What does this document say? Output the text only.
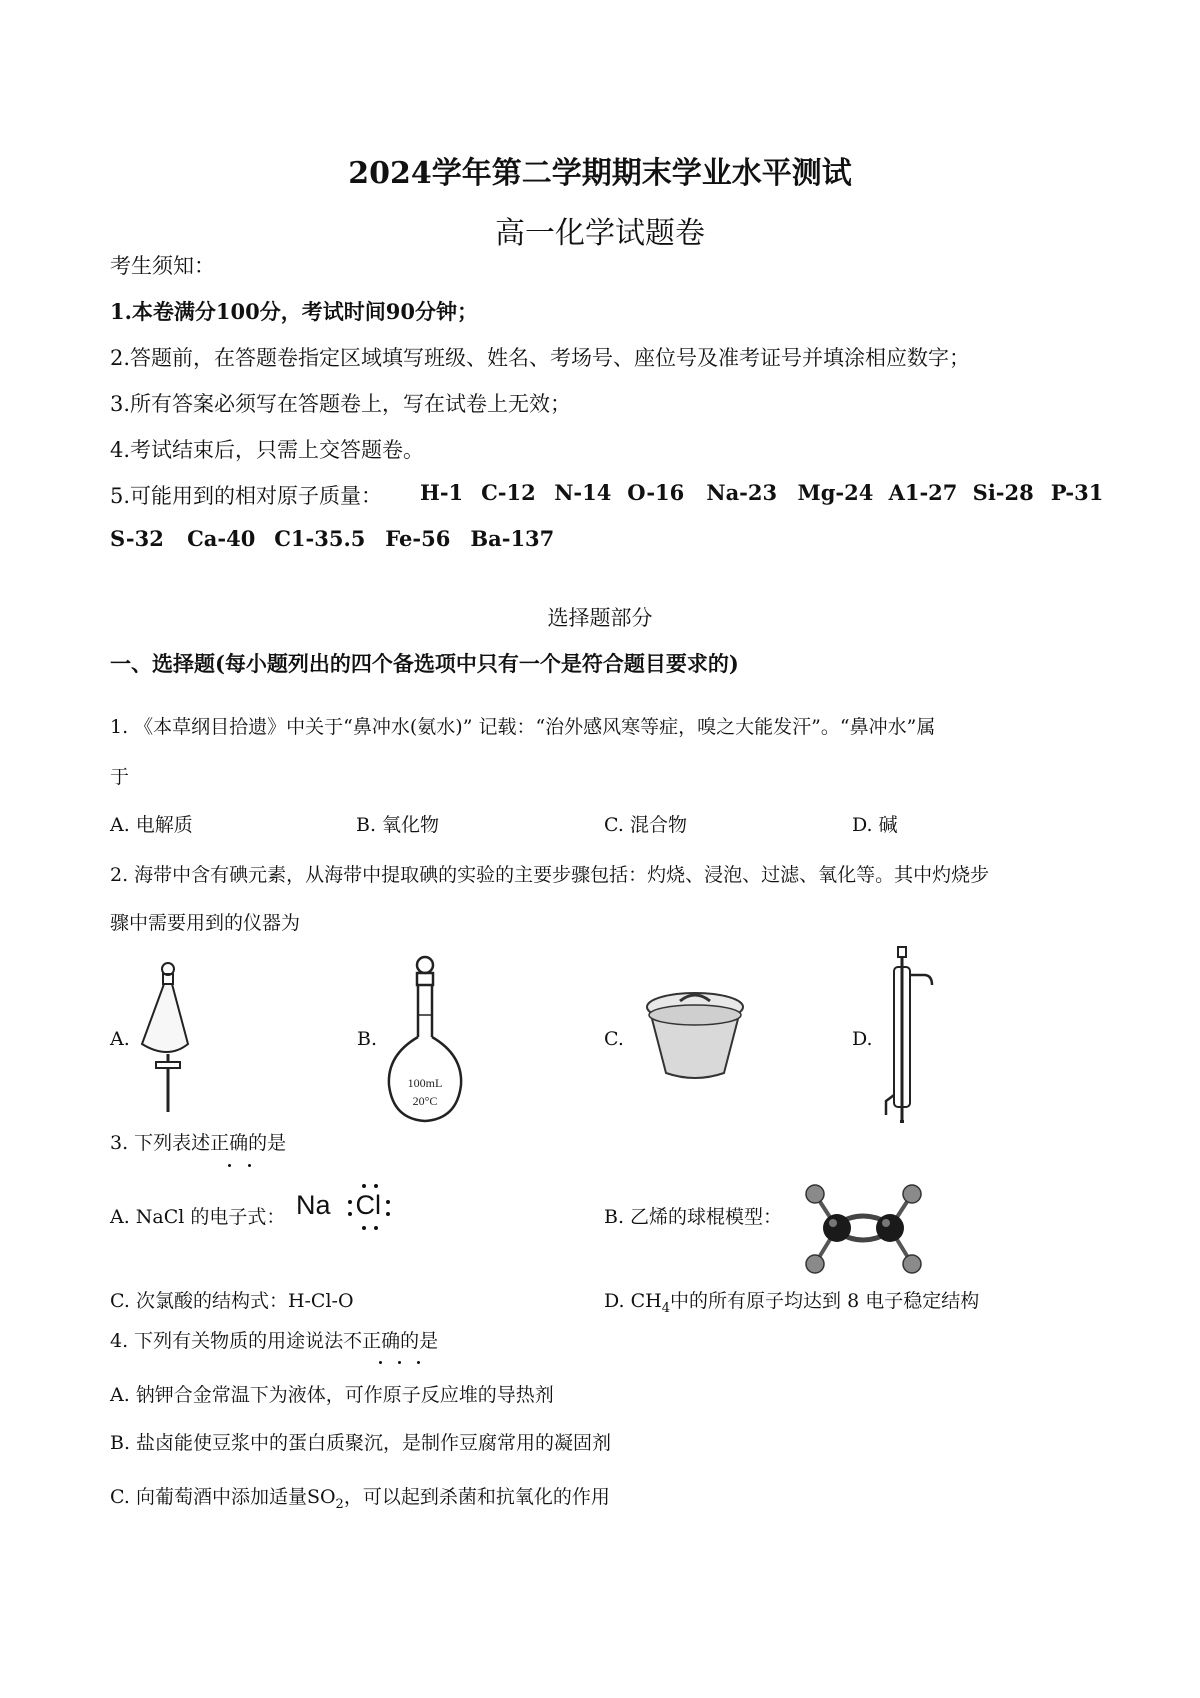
2024学年第二学期期末学业水平测试
高一化学试题卷
考生须知：
1.本卷满分100分，考试时间90分钟；
2.答题前，在答题卷指定区域填写班级、姓名、考场号、座位号及准考证号并填涂相应数字；
3.所有答案必须写在答题卷上，写在试卷上无效；
4.考试结束后，只需上交答题卷。
5.可能用到的相对原子质量： H-1 C-12 N-14 O-16 Na-23 Mg-24 A1-27 Si-28 P-31
S-32 Ca-40 C1-35.5 Fe-56 Ba-137
选择题部分
一、选择题(每小题列出的四个备选项中只有一个是符合题目要求的)
1. 《本草纲目拾遗》中关于“鼻冲水(氨水)” 记载：“治外感风寒等症，嗅之大能发汗”。“鼻冲水”属
于
A. 电解质	B. 氧化物	C. 混合物	D. 碱
2. 海带中含有碘元素，从海带中提取碘的实验的主要步骤包括：灼烧、浸泡、过滤、氧化等。其中灼烧步
骤中需要用到的仪器为
A.	B.	C.	D.
100mL
20°C
3. 下列表述正确的是
A. NaCl 的电子式： Na Cl	B. 乙烯的球棍模型：
C. 次氯酸的结构式：H-Cl-O	D. $CH_4$中的所有原子均达到 8 电子稳定结构
4. 下列有关物质的用途说法不正确的是
A. 钠钾合金常温下为液体，可作原子反应堆的导热剂
B. 盐卤能使豆浆中的蛋白质聚沉，是制作豆腐常用的凝固剂
C. 向葡萄酒中添加适量$SO_2$，可以起到杀菌和抗氧化的作用
